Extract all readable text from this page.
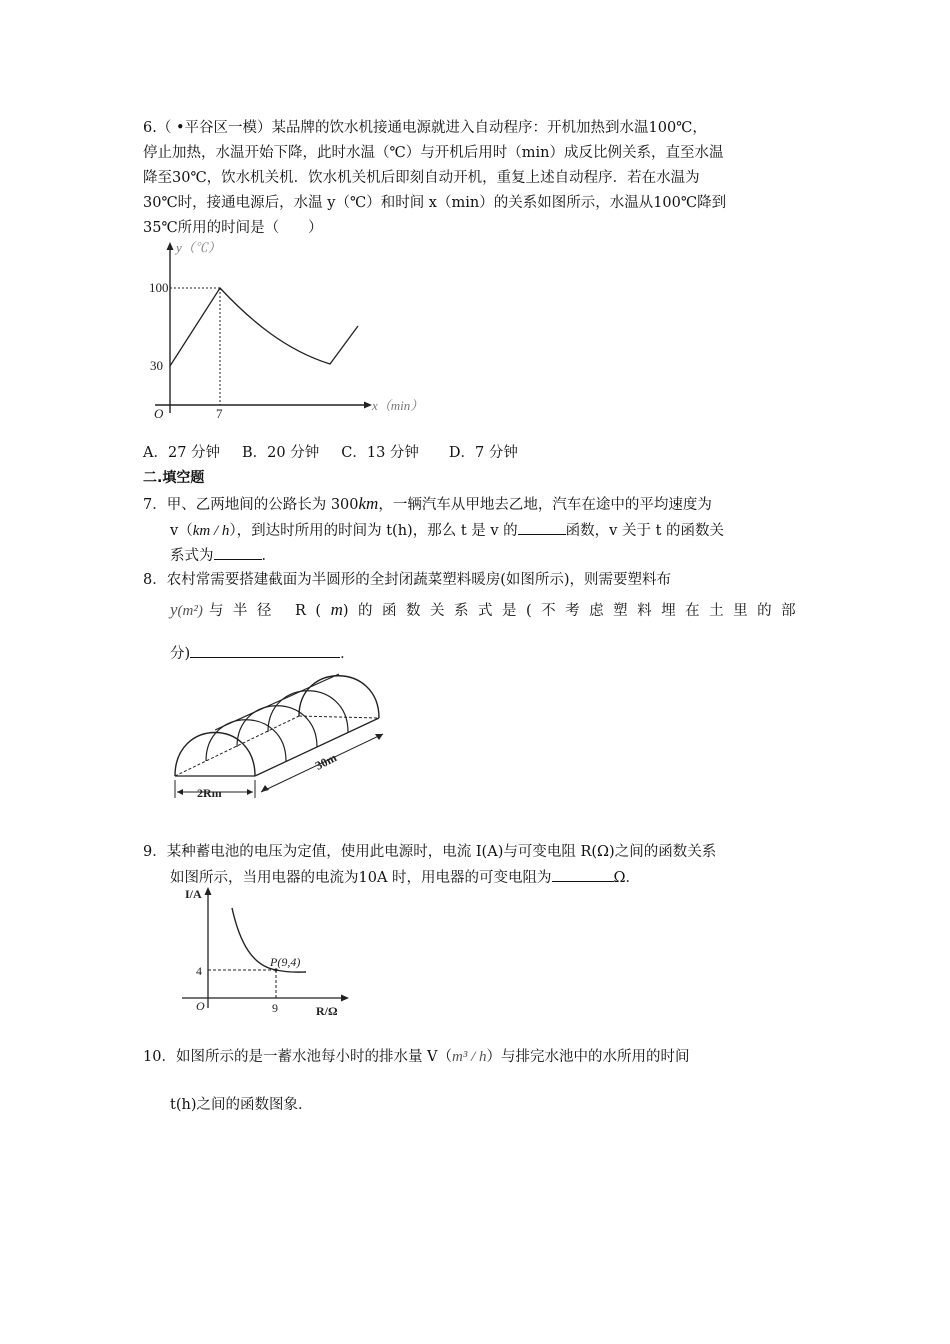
6.（ •平谷区一模）某品牌的饮水机接通电源就进入自动程序：开机加热到水温100℃，
停止加热，水温开始下降，此时水温（℃）与开机后用时（min）成反比例关系，直至水温
降至30℃，饮水机关机．饮水机关机后即刻自动开机，重复上述自动程序．若在水温为
30℃时，接通电源后，水温 y（℃）和时间 x（min）的关系如图所示，水温从100℃降到
35℃所用的时间是（　　）
y（℃）
x（min）
100
30
O	7
A．27 分钟 B．20 分钟 C．13 分钟 D．7 分钟
二.填空题
7．甲、乙两地间的公路长为 300km，一辆汽车从甲地去乙地，汽车在途中的平均速度为
v（km / h），到达时所用的时间为 t(h)，那么 t 是 v 的	函数，v 关于 t 的函数关
系式为	．
8．农村常需要搭建截面为半圆形的全封闭蔬菜塑料暖房(如图所示)，则需要塑料布
y(m²) 与半径 R(m)的函数关系式是(不考虑塑料埋在土里的部
分)	．
2Rm
30m
9．某种蓄电池的电压为定值，使用此电源时，电流 I(A)与可变电阻 R(Ω)之间的函数关系
如图所示，当用电器的电流为10A 时，用电器的可变电阻为	Ω．
I/A
R/Ω
O
4
9
P(9,4)
10．如图所示的是一蓄水池每小时的排水量 V（m³ / h）与排完水池中的水所用的时间
t(h)之间的函数图象．
